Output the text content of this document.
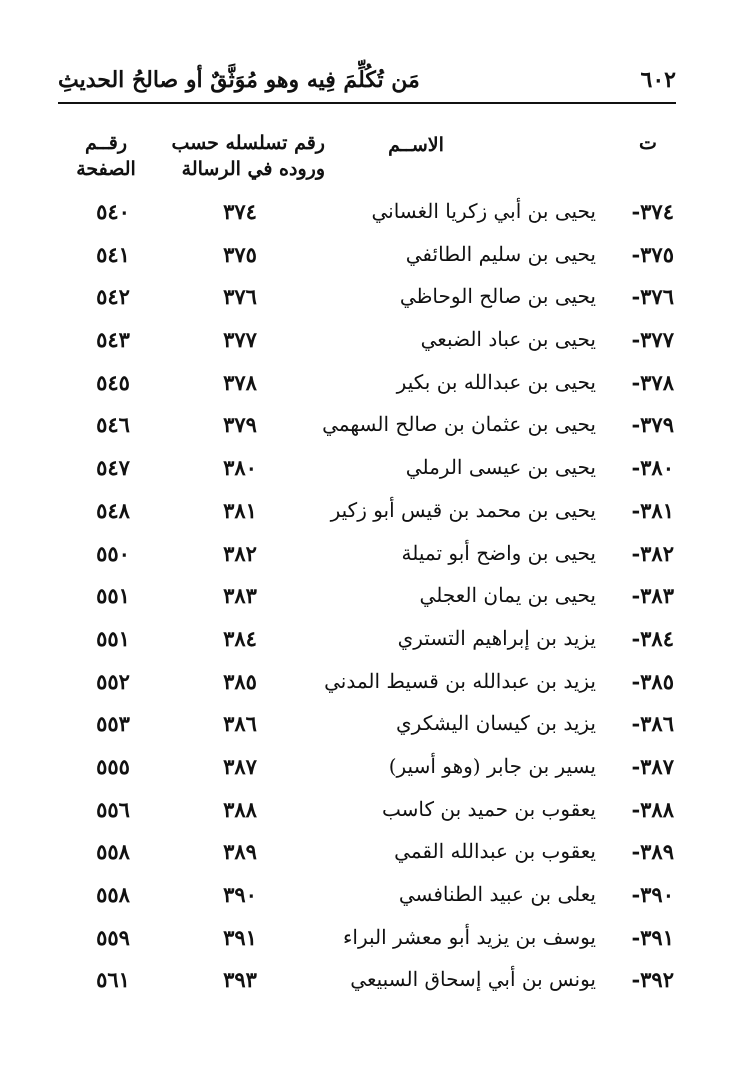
٦٠٢
مَن تُكُلِّمَ فِيه وهو مُوَثَّقٌ أو صالحُ الحديثِ
ت
الاســم
رقم تسلسله حسب
وروده في الرسالة
رقــم
الصفحة
٣٧٤-
يحيى بن أبي زكريا الغساني
٣٧٤
٥٤٠
٣٧٥-
يحيى بن سليم الطائفي
٣٧٥
٥٤١
٣٧٦-
يحيى بن صالح الوحاظي
٣٧٦
٥٤٢
٣٧٧-
يحيى بن عباد الضبعي
٣٧٧
٥٤٣
٣٧٨-
يحيى بن عبدالله بن بكير
٣٧٨
٥٤٥
٣٧٩-
يحيى بن عثمان بن صالح السهمي
٣٧٩
٥٤٦
٣٨٠-
يحيى بن عيسى الرملي
٣٨٠
٥٤٧
٣٨١-
يحيى بن محمد بن قيس أبو زكير
٣٨١
٥٤٨
٣٨٢-
يحيى بن واضح أبو تميلة
٣٨٢
٥٥٠
٣٨٣-
يحيى بن يمان العجلي
٣٨٣
٥٥١
٣٨٤-
يزيد بن إبراهيم التستري
٣٨٤
٥٥١
٣٨٥-
يزيد بن عبدالله بن قسيط المدني
٣٨٥
٥٥٢
٣٨٦-
يزيد بن كيسان اليشكري
٣٨٦
٥٥٣
٣٨٧-
يسير بن جابر (وهو أسير)
٣٨٧
٥٥٥
٣٨٨-
يعقوب بن حميد بن كاسب
٣٨٨
٥٥٦
٣٨٩-
يعقوب بن عبدالله القمي
٣٨٩
٥٥٨
٣٩٠-
يعلى بن عبيد الطنافسي
٣٩٠
٥٥٨
٣٩١-
يوسف بن يزيد أبو معشر البراء
٣٩١
٥٥٩
٣٩٢-
يونس بن أبي إسحاق السبيعي
٣٩٣
٥٦١
